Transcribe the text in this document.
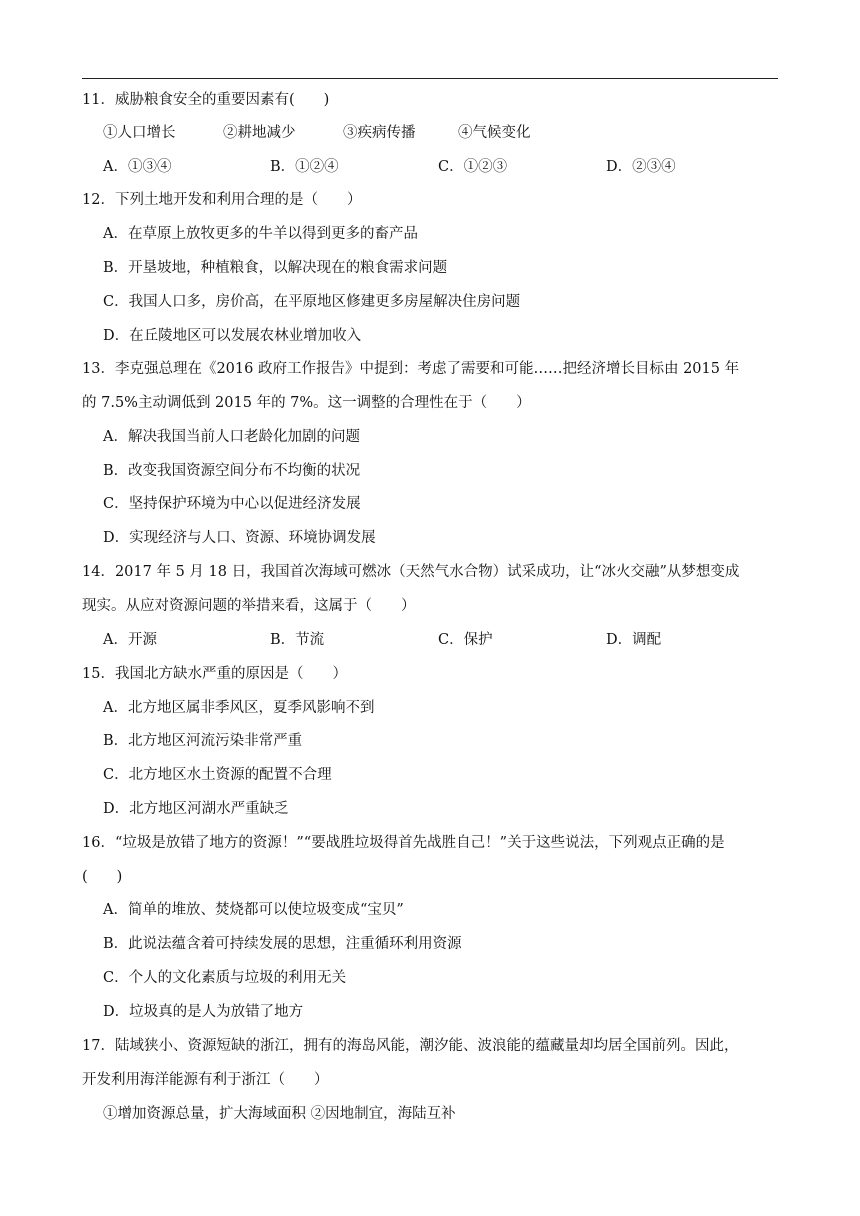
11．威胁粮食安全的重要因素有(　　)
①人口增长	②耕地减少	③疾病传播	④气候变化
A．①③④	B．①②④	C．①②③	D．②③④
12．下列土地开发和利用合理的是（　　）
A．在草原上放牧更多的牛羊以得到更多的畜产品
B．开垦坡地，种植粮食，以解决现在的粮食需求问题
C．我国人口多，房价高，在平原地区修建更多房屋解决住房问题
D．在丘陵地区可以发展农林业增加收入
13．李克强总理在《2016 政府工作报告》中提到：考虑了需要和可能……把经济增长目标由 2015 年
的 7.5%主动调低到 2015 年的 7%。这一调整的合理性在于（　　）
A．解决我国当前人口老龄化加剧的问题
B．改变我国资源空间分布不均衡的状况
C．坚持保护环境为中心以促进经济发展
D．实现经济与人口、资源、环境协调发展
14．2017 年 5 月 18 日，我国首次海域可燃冰（天然气水合物）试采成功，让“冰火交融”从梦想变成
现实。从应对资源问题的举措来看，这属于（　　）
A．开源	B．节流	C．保护	D．调配
15．我国北方缺水严重的原因是（　　）
A．北方地区属非季风区，夏季风影响不到
B．北方地区河流污染非常严重
C．北方地区水土资源的配置不合理
D．北方地区河湖水严重缺乏
16．“垃圾是放错了地方的资源！”“要战胜垃圾得首先战胜自己！”关于这些说法，下列观点正确的是
(　　)
A．简单的堆放、焚烧都可以使垃圾变成“宝贝”
B．此说法蕴含着可持续发展的思想，注重循环利用资源
C．个人的文化素质与垃圾的利用无关
D．垃圾真的是人为放错了地方
17．陆域狭小、资源短缺的浙江，拥有的海岛风能，潮汐能、波浪能的蕴藏量却均居全国前列。因此，
开发利用海洋能源有利于浙江（　　）
①增加资源总量，扩大海域面积 ②因地制宜，海陆互补
